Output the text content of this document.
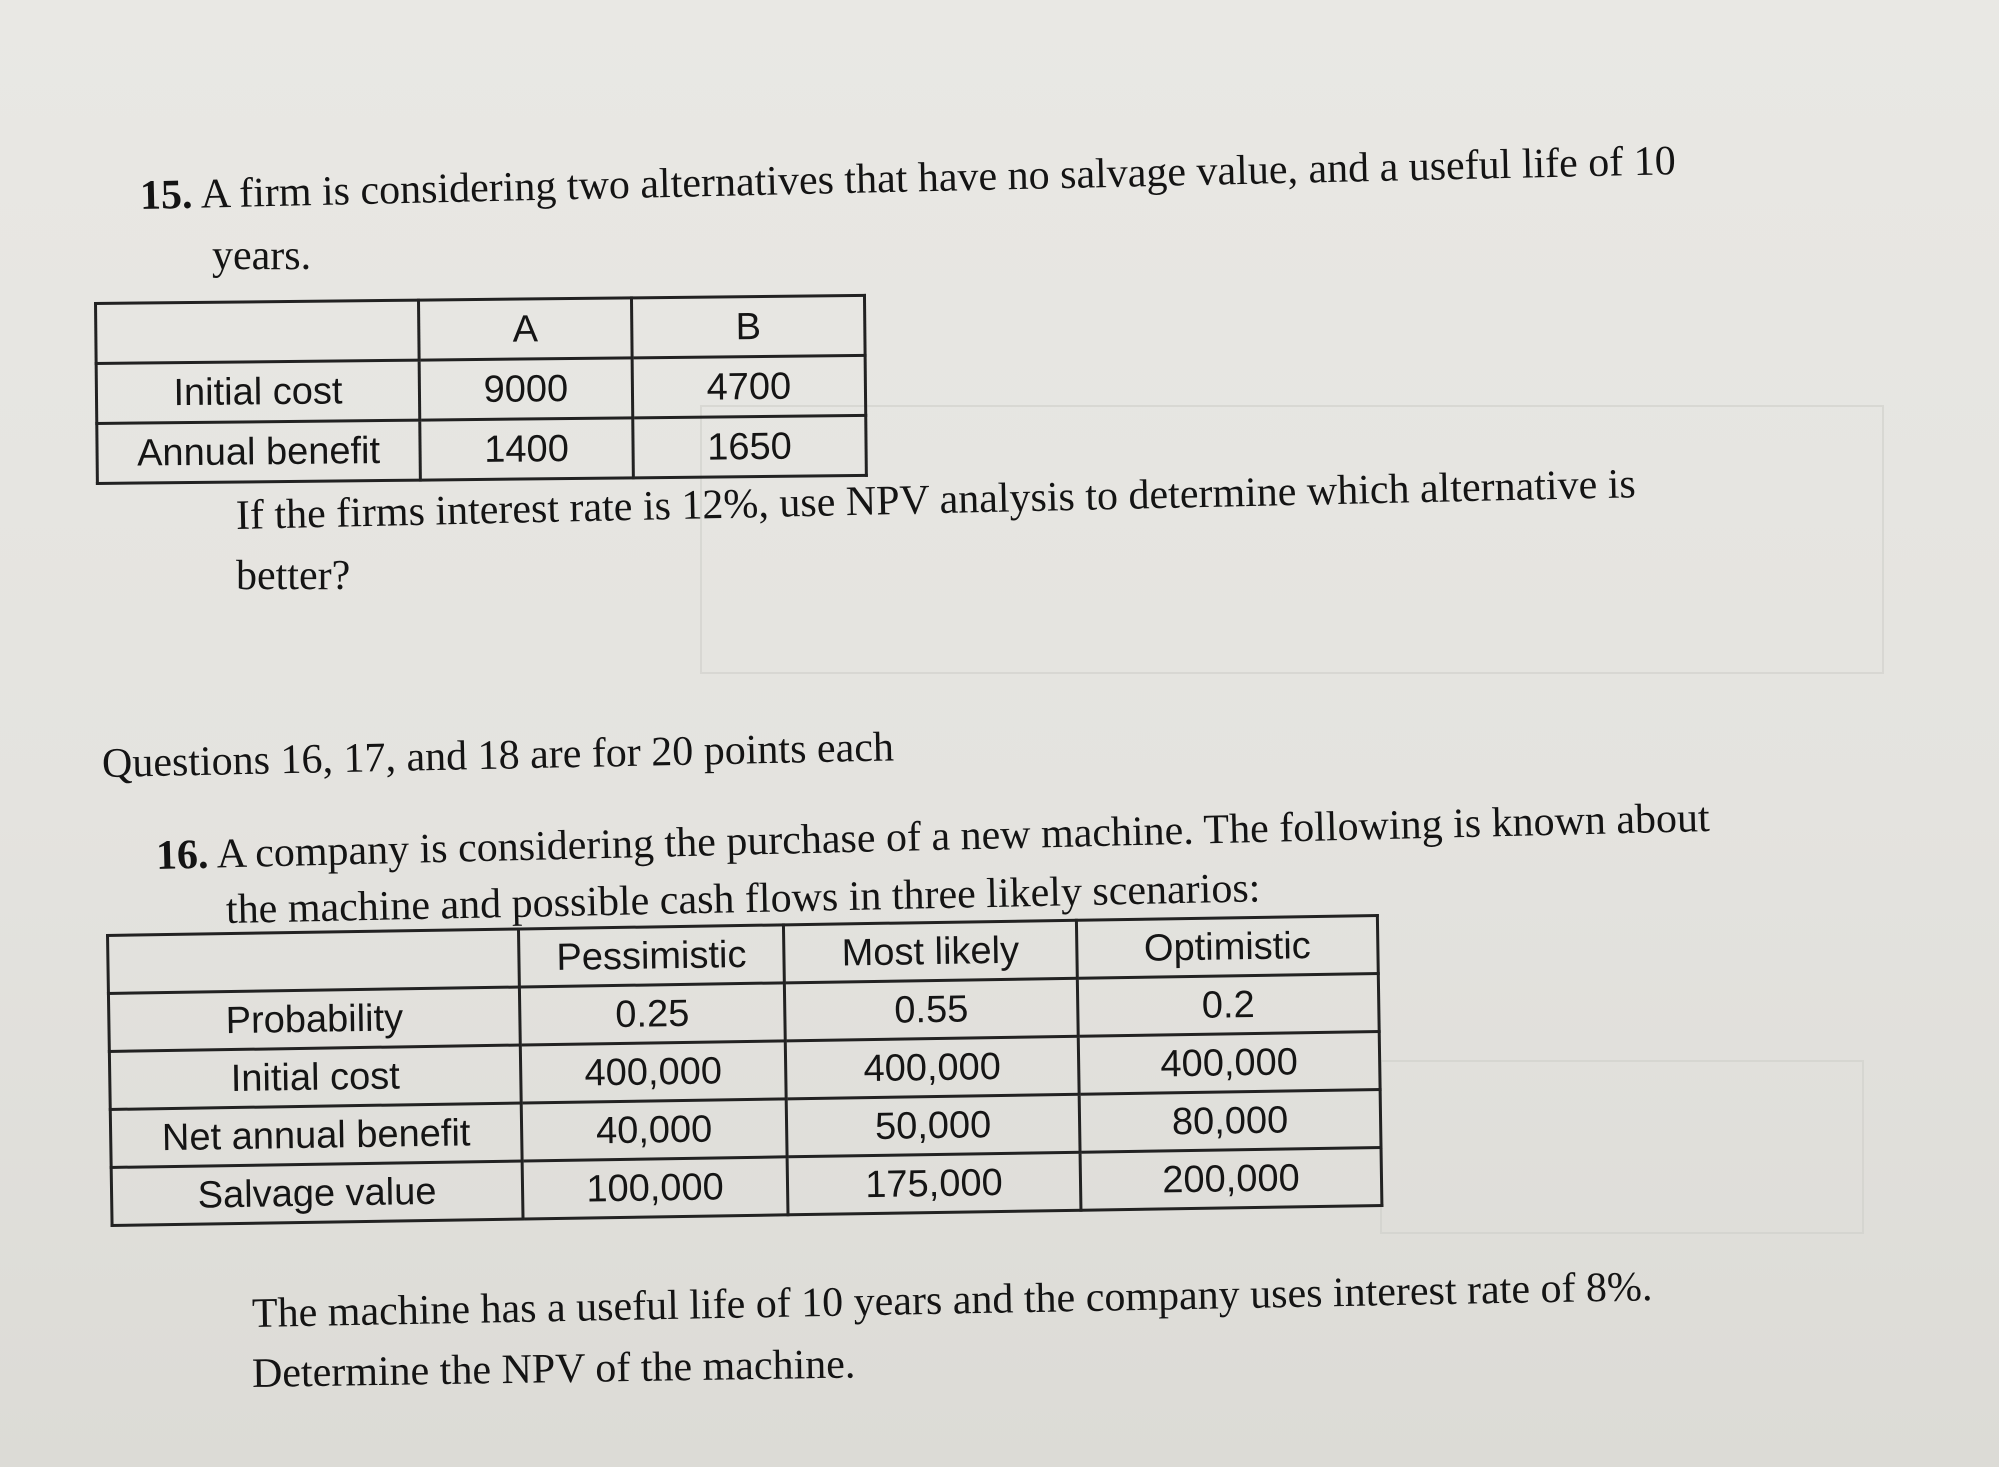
15. A firm is considering two alternatives that have no salvage value, and a useful life of 10
years.
	A	B
Initial cost	9000	4700
Annual benefit	1400	1650
If the firms interest rate is 12%, use NPV analysis to determine which alternative is
better?
Questions 16, 17, and 18 are for 20 points each
16. A company is considering the purchase of a new machine. The following is known about
the machine and possible cash flows in three likely scenarios:
	Pessimistic	Most likely	Optimistic
Probability	0.25	0.55	0.2
Initial cost	400,000	400,000	400,000
Net annual benefit	40,000	50,000	80,000
Salvage value	100,000	175,000	200,000
The machine has a useful life of 10 years and the company uses interest rate of 8%.
Determine the NPV of the machine.
